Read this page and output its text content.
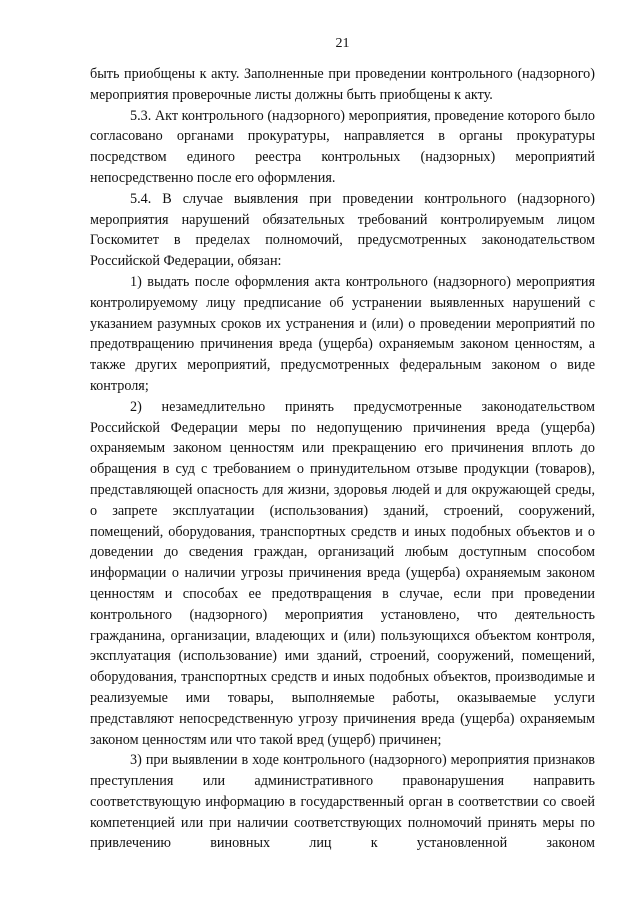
21

быть приобщены к акту. Заполненные при проведении контрольного (надзорного) мероприятия проверочные листы должны быть приобщены к акту.

5.3. Акт контрольного (надзорного) мероприятия, проведение которого было согласовано органами прокуратуры, направляется в органы прокуратуры посредством единого реестра контрольных (надзорных) мероприятий непосредственно после его оформления.

5.4. В случае выявления при проведении контрольного (надзорного) мероприятия нарушений обязательных требований контролируемым лицом Госкомитет в пределах полномочий, предусмотренных законодательством Российской Федерации, обязан:

1) выдать после оформления акта контрольного (надзорного) мероприятия контролируемому лицу предписание об устранении выявленных нарушений с указанием разумных сроков их устранения и (или) о проведении мероприятий по предотвращению причинения вреда (ущерба) охраняемым законом ценностям, а также других мероприятий, предусмотренных федеральным законом о виде контроля;

2) незамедлительно принять предусмотренные законодательством Российской Федерации меры по недопущению причинения вреда (ущерба) охраняемым законом ценностям или прекращению его причинения вплоть до обращения в суд с требованием о принудительном отзыве продукции (товаров), представляющей опасность для жизни, здоровья людей и для окружающей среды, о запрете эксплуатации (использования) зданий, строений, сооружений, помещений, оборудования, транспортных средств и иных подобных объектов и о доведении до сведения граждан, организаций любым доступным способом информации о наличии угрозы причинения вреда (ущерба) охраняемым законом ценностям и способах ее предотвращения в случае, если при проведении контрольного (надзорного) мероприятия установлено, что деятельность гражданина, организации, владеющих и (или) пользующихся объектом контроля, эксплуатация (использование) ими зданий, строений, сооружений, помещений, оборудования, транспортных средств и иных подобных объектов, производимые и реализуемые ими товары, выполняемые работы, оказываемые услуги представляют непосредственную угрозу причинения вреда (ущерба) охраняемым законом ценностям или что такой вред (ущерб) причинен;

3) при выявлении в ходе контрольного (надзорного) мероприятия признаков преступления или административного правонарушения направить соответствующую информацию в государственный орган в соответствии со своей компетенцией или при наличии соответствующих полномочий принять меры по привлечению виновных лиц к установленной законом
